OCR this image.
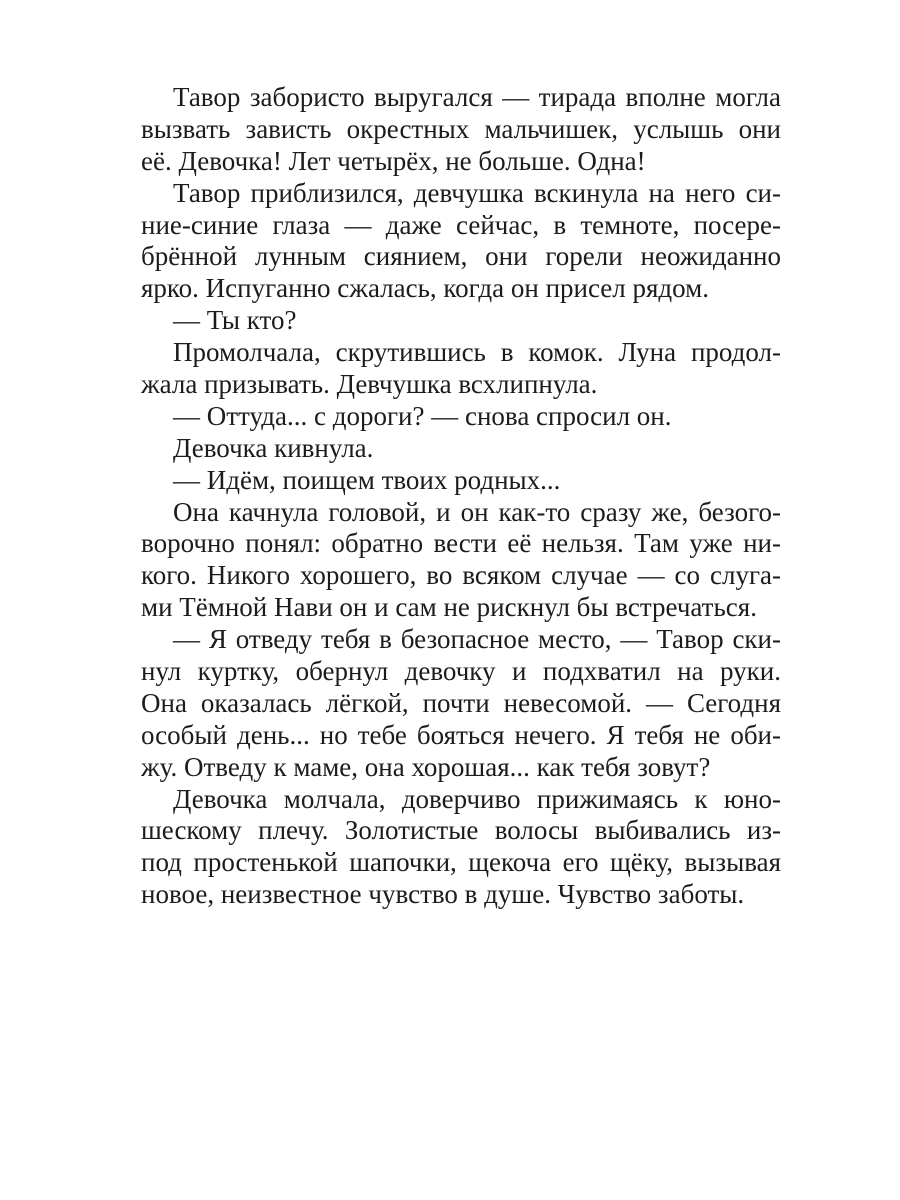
Тавор забористо выругался — тирада вполне могла
вызвать зависть окрестных мальчишек, услышь они
её. Девочка! Лет четырёх, не больше. Одна!
Тавор приблизился, девчушка вскинула на него си-
ние-синие глаза — даже сейчас, в темноте, посере-
брённой лунным сиянием, они горели неожиданно
ярко. Испуганно сжалась, когда он присел рядом.
— Ты кто?
Промолчала, скрутившись в комок. Луна продол-
жала призывать. Девчушка всхлипнула.
— Оттуда... с дороги? — снова спросил он.
Девочка кивнула.
— Идём, поищем твоих родных...
Она качнула головой, и он как-то сразу же, безого-
ворочно понял: обратно вести её нельзя. Там уже ни-
кого. Никого хорошего, во всяком случае — со слуга-
ми Тёмной Нави он и сам не рискнул бы встречаться.
— Я отведу тебя в безопасное место, — Тавор ски-
нул куртку, обернул девочку и подхватил на руки.
Она оказалась лёгкой, почти невесомой. — Сегодня
особый день... но тебе бояться нечего. Я тебя не оби-
жу. Отведу к маме, она хорошая... как тебя зовут?
Девочка молчала, доверчиво прижимаясь к юно-
шескому плечу. Золотистые волосы выбивались из-
под простенькой шапочки, щекоча его щёку, вызывая
новое, неизвестное чувство в душе. Чувство заботы.
